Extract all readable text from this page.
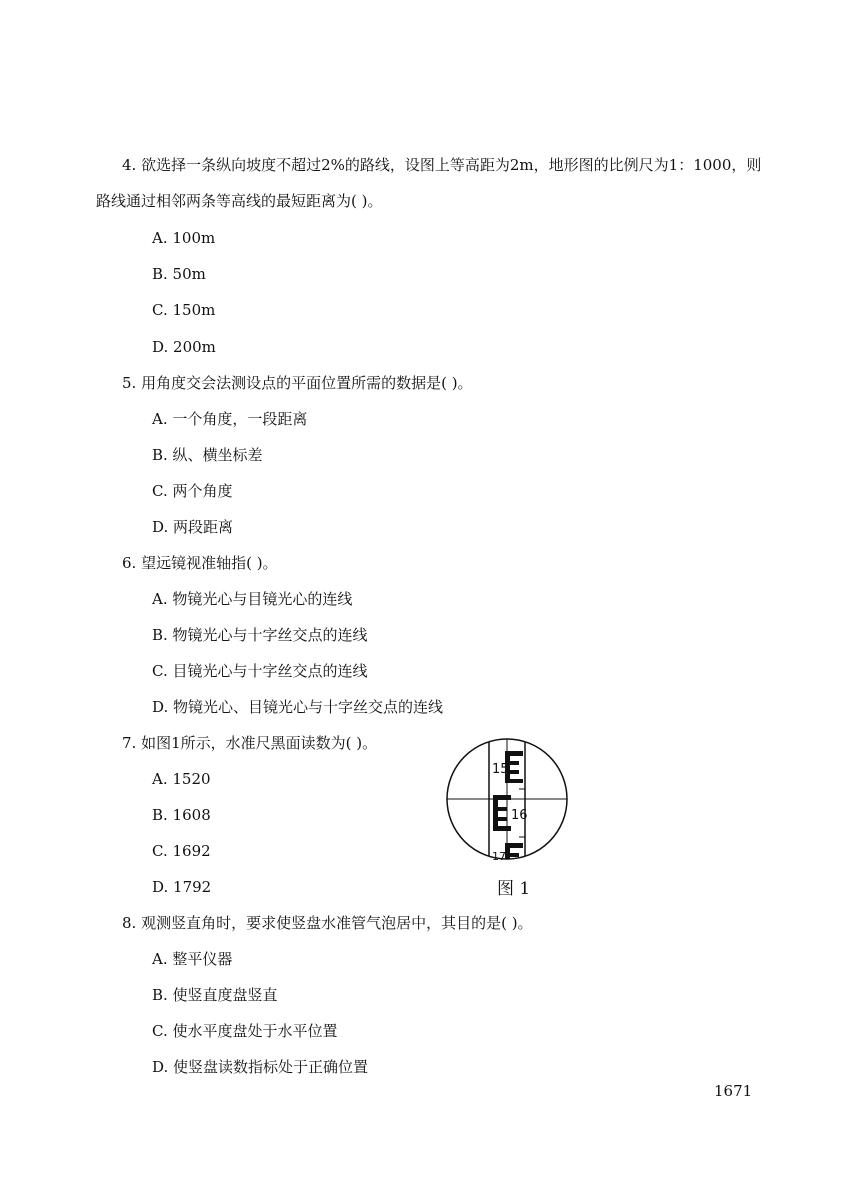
4. 欲选择一条纵向坡度不超过2%的路线，设图上等高距为2m，地形图的比例尺为1：1000，则
路线通过相邻两条等高线的最短距离为( )。
A. 100m
B. 50m
C. 150m
D. 200m
5. 用角度交会法测设点的平面位置所需的数据是( )。
A. 一个角度，一段距离
B. 纵、横坐标差
C. 两个角度
D. 两段距离
6. 望远镜视准轴指( )。
A. 物镜光心与目镜光心的连线
B. 物镜光心与十字丝交点的连线
C. 目镜光心与十字丝交点的连线
D. 物镜光心、目镜光心与十字丝交点的连线
7. 如图1所示，水准尺黑面读数为( )。
A. 1520
B. 1608
C. 1692
D. 1792
15
16
17
图 1
8. 观测竖直角时，要求使竖盘水准管气泡居中，其目的是( )。
A. 整平仪器
B. 使竖直度盘竖直
C. 使水平度盘处于水平位置
D. 使竖盘读数指标处于正确位置
1671
